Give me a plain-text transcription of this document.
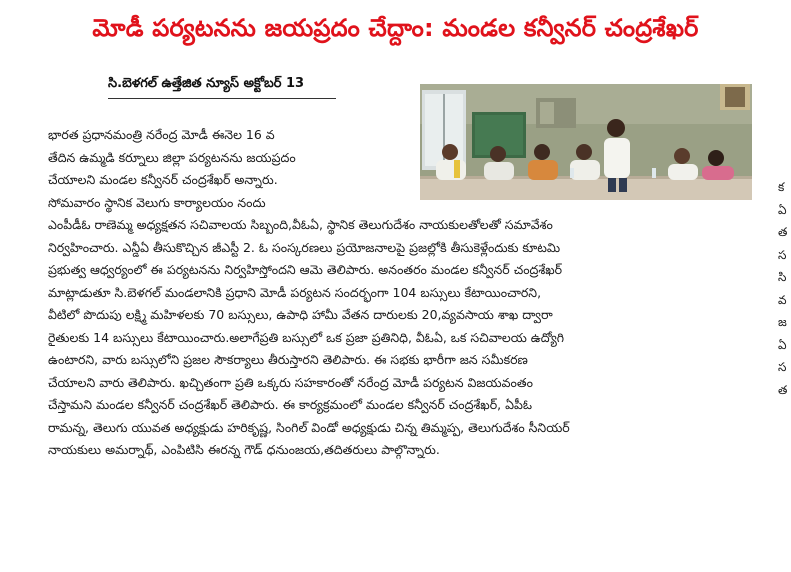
మోడీ పర్యటనను జయప్రదం చేద్దాం: మండల కన్వీనర్ చంద్రశేఖర్
సి.బెళగల్ ఉత్తేజిత న్యూస్ అక్టోబర్ 13
భారత ప్రధానమంత్రి నరేంద్ర మోడీ ఈనెల 16 వ
తేదిన ఉమ్మడి కర్నూలు జిల్లా పర్యటనను జయప్రదం
చేయాలని మండల కన్వీనర్ చంద్రశేఖర్ అన్నారు.
సోమవారం స్థానిక వెలుగు కార్యాలయం నందు
ఎంపీడీఓ రాణెమ్మ అధ్యక్షతన సచివాలయ సిబ్బంది,వీఓఏ, స్థానిక తెలుగుదేశం నాయకులతోలతో సమావేశం
నిర్వహించారు. ఎన్డీఏ తీసుకొచ్చిన జీఎస్టీ 2. ఓ సంస్కరణలు ప్రయోజనాలపై ప్రజల్లోకి తీసుకెళ్లేందుకు కూటమి
ప్రభుత్వ ఆధ్వర్యంలో ఈ పర్యటనను నిర్వహిస్తోందని ఆమె తెలిపారు. అనంతరం మండల కన్వీనర్ చంద్రశేఖర్
మాట్లాడుతూ సి.బెళగల్ మండలానికి ప్రధాని మోడీ పర్యటన సందర్భంగా 104 బస్సులు కేటాయించారని,
వీటిలో పొదుపు లక్ష్మి మహిళలకు 70 బస్సులు, ఉపాధి హామీ వేతన దారులకు 20,వ్యవసాయ శాఖ ద్వారా
రైతులకు 14 బస్సులు కేటాయించారు.అలాగేప్రతి బస్సులో ఒక ప్రజా ప్రతినిధి, వీఓఏ, ఒక సచివాలయ ఉద్యోగి
ఉంటారని, వారు బస్సులోని ప్రజల సౌకర్యాలు తీరుస్తారని తెలిపారు. ఈ సభకు భారీగా జన సమీకరణ
చేయాలని వారు తెలిపారు. ఖచ్చితంగా ప్రతి ఒక్కరు సహకారంతో నరేంద్ర మోడీ పర్యటన విజయవంతం
చేస్తామని మండల కన్వీనర్ చంద్రశేఖర్ తెలిపారు. ఈ కార్యక్రమంలో మండల కన్వీనర్ చంద్రశేఖర్, ఏపీఓ
రామన్న, తెలుగు యువత అధ్యక్షుడు హరికృష్ణ, సింగిల్ విండో అధ్యక్షుడు చిన్న తిమ్మప్ప, తెలుగుదేశం సీనియర్
నాయకులు అమర్నాథ్, ఎంపిటిసి ఈరన్న గౌడ్ ధనుంజయ,తదితరులు పాల్గొన్నారు.
క
ఏ
త
స
సి
వ
జ
ఏ
స
త
